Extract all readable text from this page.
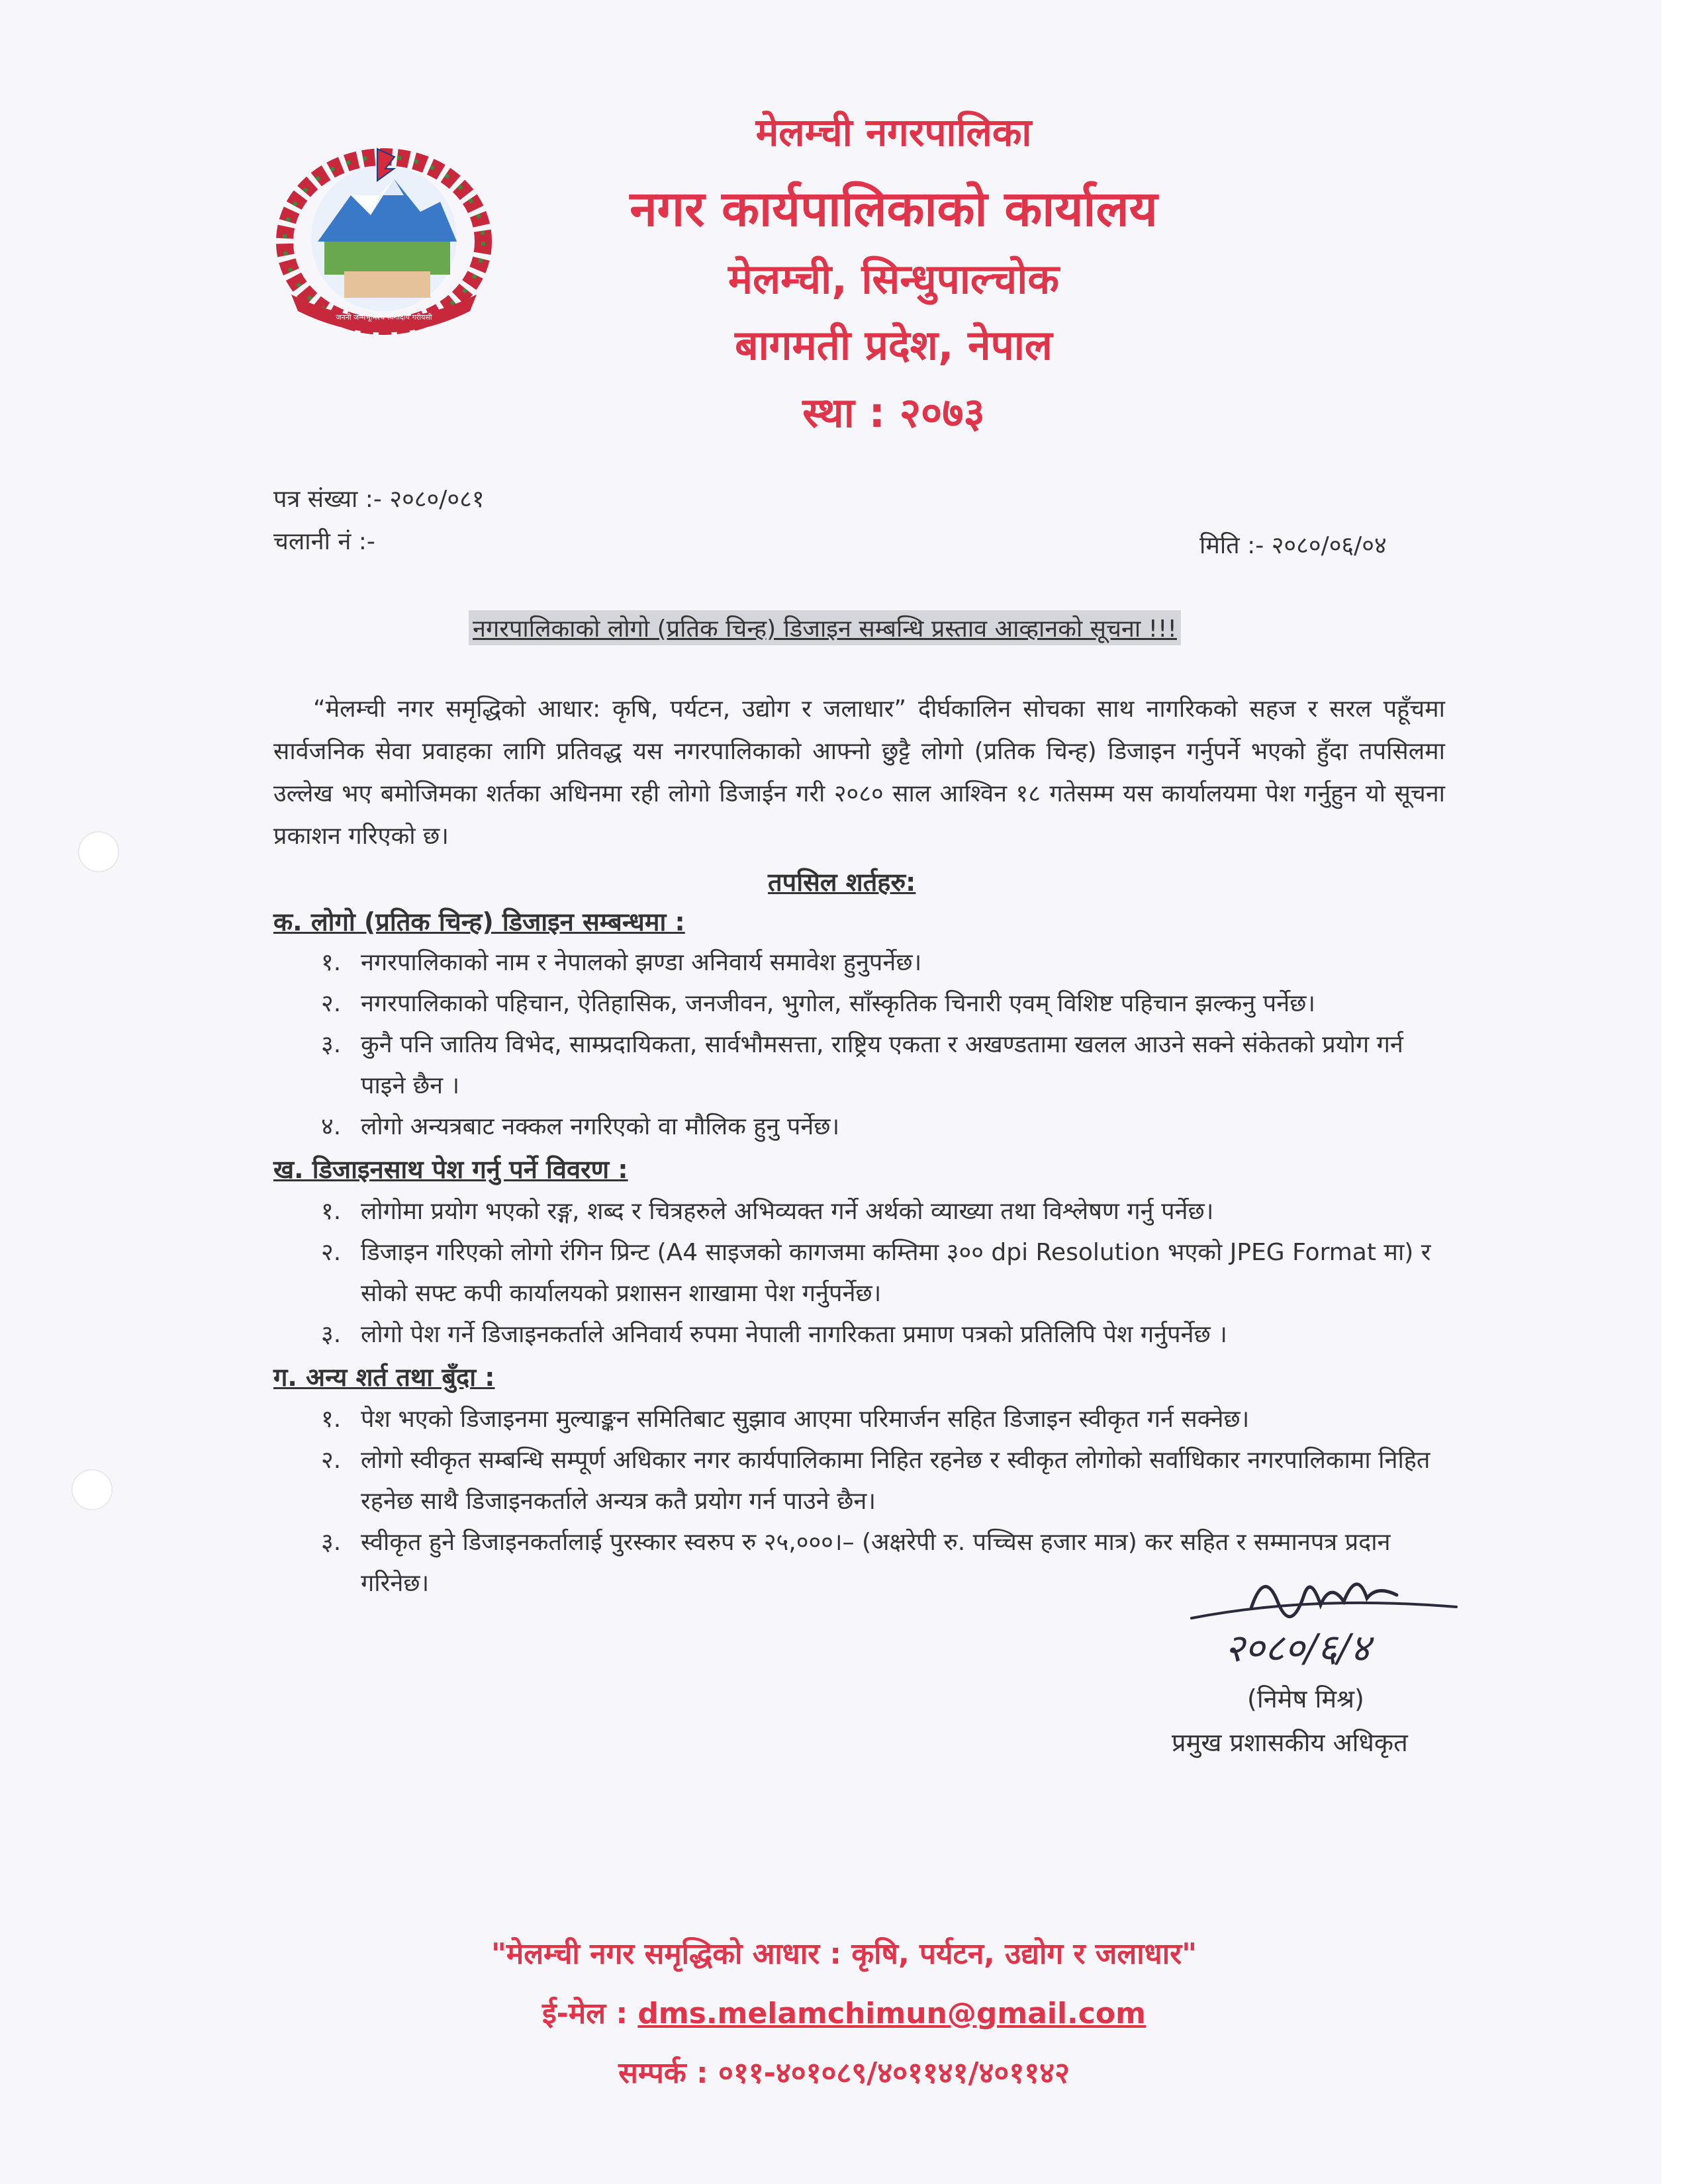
जननी जन्मभूमिश्च स्वर्गादपि गरीयसी
मेलम्ची नगरपालिका
नगर कार्यपालिकाको कार्यालय
मेलम्ची, सिन्धुपाल्चोक
बागमती प्रदेश, नेपाल
स्था : २०७३
पत्र संख्या :- २०८०/०८१
चलानी नं :-	मिति :- २०८०/०६/०४
नगरपालिकाको लोगो (प्रतिक चिन्ह) डिजाइन सम्बन्धि प्रस्ताव आव्हानको सूचना !!!
“मेलम्ची नगर समृद्धिको आधार: कृषि, पर्यटन, उद्योग र जलाधार” दीर्घकालिन सोचका साथ नागरिकको सहज र सरल पहूँचमा सार्वजनिक सेवा प्रवाहका लागि प्रतिवद्ध यस नगरपालिकाको आफ्नो छुट्टै लोगो (प्रतिक चिन्ह) डिजाइन गर्नुपर्ने भएको हुँदा तपसिलमा उल्लेख भए बमोजिमका शर्तका अधिनमा रही लोगो डिजाईन गरी २०८० साल आश्विन १८ गतेसम्म यस कार्यालयमा पेश गर्नुहुन यो सूचना प्रकाशन गरिएको छ।
तपसिल शर्तहरु:
क. लोगो (प्रतिक चिन्ह) डिजाइन सम्बन्धमा :
१. नगरपालिकाको नाम र नेपालको झण्डा अनिवार्य समावेश हुनुपर्नेछ।
२. नगरपालिकाको पहिचान, ऐतिहासिक, जनजीवन, भुगोल, साँस्कृतिक चिनारी एवम् विशिष्ट पहिचान झल्कनु पर्नेछ।
३. कुनै पनि जातिय विभेद, साम्प्रदायिकता, सार्वभौमसत्ता, राष्ट्रिय एकता र अखण्डतामा खलल आउने सक्ने संकेतको प्रयोग गर्न पाइने छैन ।
४. लोगो अन्यत्रबाट नक्कल नगरिएको वा मौलिक हुनु पर्नेछ।
ख. डिजाइनसाथ पेश गर्नु पर्ने विवरण :
१. लोगोमा प्रयोग भएको रङ्ग, शब्द र चित्रहरुले अभिव्यक्त गर्ने अर्थको व्याख्या तथा विश्लेषण गर्नु पर्नेछ।
२. डिजाइन गरिएको लोगो रंगिन प्रिन्ट (A4 साइजको कागजमा कम्तिमा ३०० dpi Resolution भएको JPEG Format मा) र सोको सफ्ट कपी कार्यालयको प्रशासन शाखामा पेश गर्नुपर्नेछ।
३. लोगो पेश गर्ने डिजाइनकर्ताले अनिवार्य रुपमा नेपाली नागरिकता प्रमाण पत्रको प्रतिलिपि पेश गर्नुपर्नेछ ।
ग. अन्य शर्त तथा बुँदा :
१. पेश भएको डिजाइनमा मुल्याङ्कन समितिबाट सुझाव आएमा परिमार्जन सहित डिजाइन स्वीकृत गर्न सक्नेछ।
२. लोगो स्वीकृत सम्बन्धि सम्पूर्ण अधिकार नगर कार्यपालिकामा निहित रहनेछ र स्वीकृत लोगोको सर्वाधिकार नगरपालिकामा निहित रहनेछ साथै डिजाइनकर्ताले अन्यत्र कतै प्रयोग गर्न पाउने छैन।
३. स्वीकृत हुने डिजाइनकर्तालाई पुरस्कार स्वरुप रु २५,०००।– (अक्षरेपी रु. पच्चिस हजार मात्र) कर सहित र सम्मानपत्र प्रदान गरिनेछ।
२०८०/६/४
(निमेष मिश्र)
प्रमुख प्रशासकीय अधिकृत
"मेलम्ची नगर समृद्धिको आधार : कृषि, पर्यटन, उद्योग र जलाधार"
ई-मेल : dms.melamchimun@gmail.com
सम्पर्क : ०११-४०१०८९/४०११४१/४०११४२
